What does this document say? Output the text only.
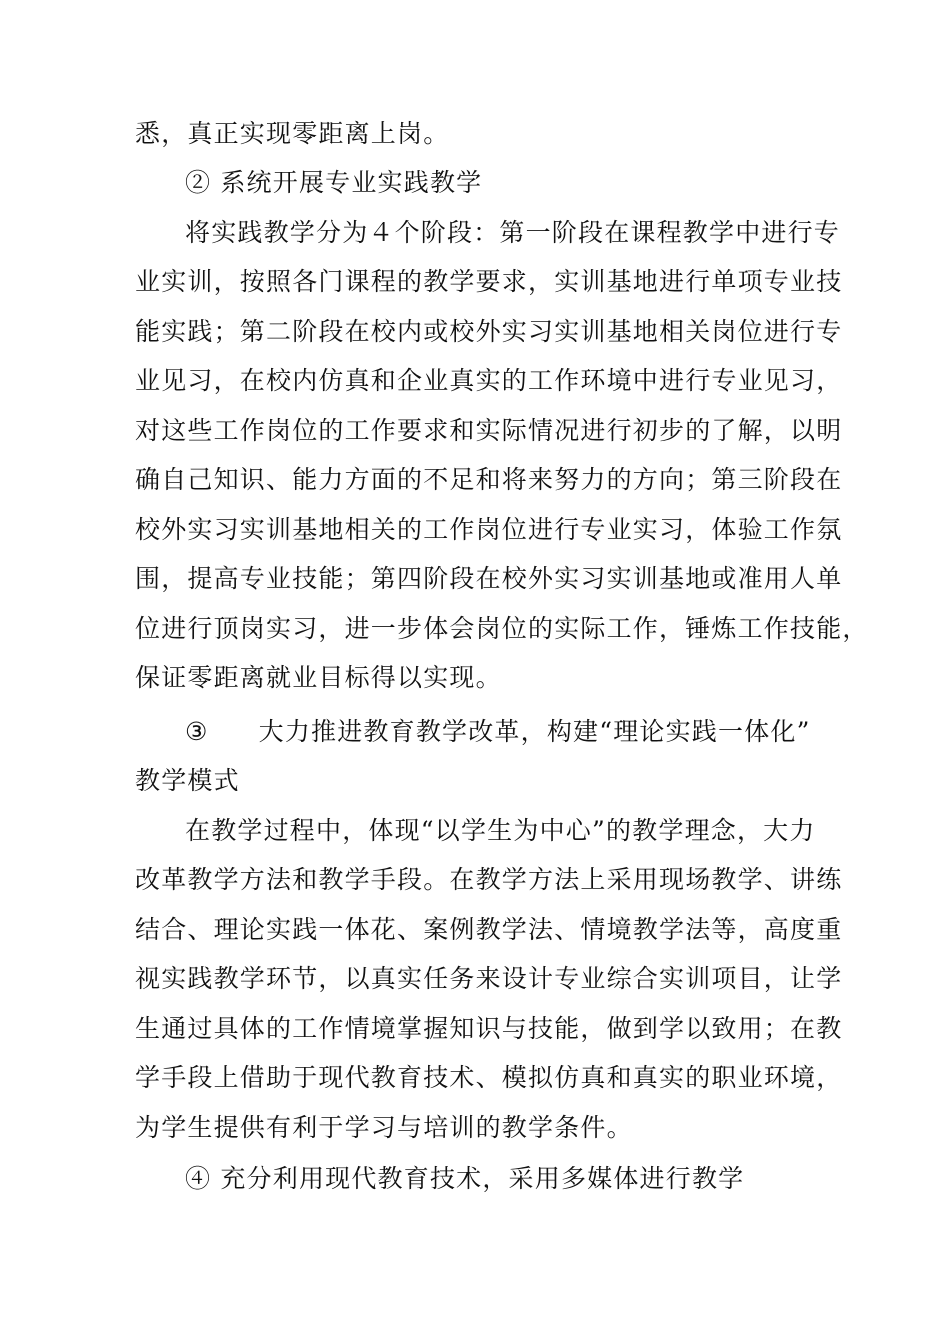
悉，真正实现零距离上岗。
② 系统开展专业实践教学
将实践教学分为４个阶段：第一阶段在课程教学中进行专
业实训，按照各门课程的教学要求，实训基地进行单项专业技
能实践；第二阶段在校内或校外实习实训基地相关岗位进行专
业见习，在校内仿真和企业真实的工作环境中进行专业见习，
对这些工作岗位的工作要求和实际情况进行初步的了解，以明
确自己知识、能力方面的不足和将来努力的方向；第三阶段在
校外实习实训基地相关的工作岗位进行专业实习，体验工作氛
围，提高专业技能；第四阶段在校外实习实训基地或准用人单
位进行顶岗实习，进一步体会岗位的实际工作，锤炼工作技能，
保证零距离就业目标得以实现。
③ 大力推进教育教学改革，构建“理论实践一体化”
教学模式
在教学过程中，体现“以学生为中心”的教学理念，大力
改革教学方法和教学手段。在教学方法上采用现场教学、讲练
结合、理论实践一体花、案例教学法、情境教学法等，高度重
视实践教学环节，以真实任务来设计专业综合实训项目，让学
生通过具体的工作情境掌握知识与技能，做到学以致用；在教
学手段上借助于现代教育技术、模拟仿真和真实的职业环境，
为学生提供有利于学习与培训的教学条件。
④ 充分利用现代教育技术，采用多媒体进行教学
